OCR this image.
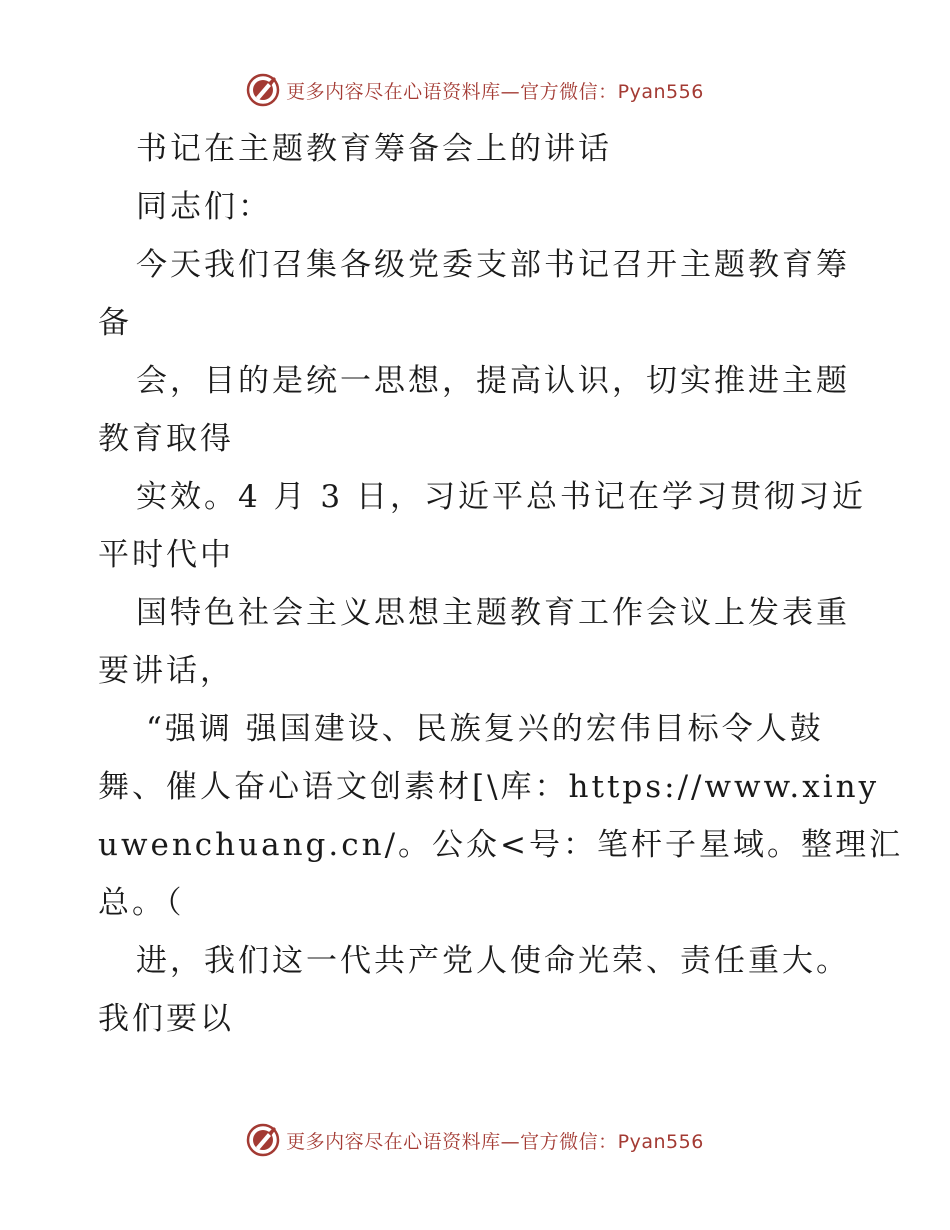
更多内容尽在心语资料库—官方微信：Pyan556
书记在主题教育筹备会上的讲话
同志们：
今天我们召集各级党委支部书记召开主题教育筹
备
会，目的是统一思想，提高认识，切实推进主题
教育取得
实效。4 月 3 日，习近平总书记在学习贯彻习近
平时代中
国特色社会主义思想主题教育工作会议上发表重
要讲话，
“强调 强国建设、民族复兴的宏伟目标令人鼓
舞、催人奋心语文创素材[\库：https://www.xiny
uwenchuang.cn/。公众<号：笔杆子星域。整理汇
总。（
进，我们这一代共产党人使命光荣、责任重大。
我们要以
更多内容尽在心语资料库—官方微信：Pyan556
